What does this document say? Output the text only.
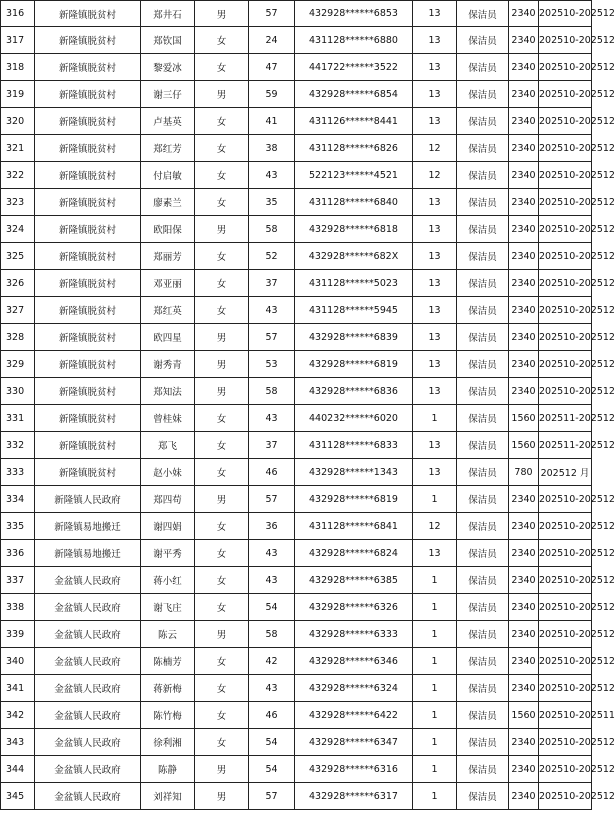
316	新隆镇脱贫村	郑井石	男	57	432928******6853	13	保洁员	2340	202510-202512
317	新隆镇脱贫村	郑钦国	女	24	431128******6880	13	保洁员	2340	202510-202512
318	新隆镇脱贫村	黎爱冰	女	47	441722******3522	13	保洁员	2340	202510-202512
319	新隆镇脱贫村	谢三仔	男	59	432928******6854	13	保洁员	2340	202510-202512
320	新隆镇脱贫村	卢基英	女	41	431126******8441	13	保洁员	2340	202510-202512
321	新隆镇脱贫村	郑红芳	女	38	431128******6826	12	保洁员	2340	202510-202512
322	新隆镇脱贫村	付启敏	女	43	522123******4521	12	保洁员	2340	202510-202512
323	新隆镇脱贫村	廖素兰	女	35	431128******6840	13	保洁员	2340	202510-202512
324	新隆镇脱贫村	欧阳保	男	58	432928******6818	13	保洁员	2340	202510-202512
325	新隆镇脱贫村	郑丽芳	女	52	432928******682X	13	保洁员	2340	202510-202512
326	新隆镇脱贫村	邓亚丽	女	37	431128******5023	13	保洁员	2340	202510-202512
327	新隆镇脱贫村	郑红英	女	43	431128******5945	13	保洁员	2340	202510-202512
328	新隆镇脱贫村	欧四星	男	57	432928******6839	13	保洁员	2340	202510-202512
329	新隆镇脱贫村	谢秀青	男	53	432928******6819	13	保洁员	2340	202510-202512
330	新隆镇脱贫村	郑知法	男	58	432928******6836	13	保洁员	2340	202510-202512
331	新隆镇脱贫村	曾桂妹	女	43	440232******6020	1	保洁员	1560	202511-202512
332	新隆镇脱贫村	郑飞	女	37	431128******6833	13	保洁员	1560	202511-202512
333	新隆镇脱贫村	赵小妹	女	46	432928******1343	13	保洁员	780	202512 月
334	新隆镇人民政府	郑四苟	男	57	432928******6819	1	保洁员	2340	202510-202512
335	新隆镇易地搬迁	谢四娟	女	36	431128******6841	12	保洁员	2340	202510-202512
336	新隆镇易地搬迁	谢平秀	女	43	432928******6824	13	保洁员	2340	202510-202512
337	金盆镇人民政府	蒋小红	女	43	432928******6385	1	保洁员	2340	202510-202512
338	金盆镇人民政府	谢飞庄	女	54	432928******6326	1	保洁员	2340	202510-202512
339	金盆镇人民政府	陈云	男	58	432928******6333	1	保洁员	2340	202510-202512
340	金盆镇人民政府	陈楠芳	女	42	432928******6346	1	保洁员	2340	202510-202512
341	金盆镇人民政府	蒋新梅	女	43	432928******6324	1	保洁员	2340	202510-202512
342	金盆镇人民政府	陈竹梅	女	46	432928******6422	1	保洁员	1560	202510-202511
343	金盆镇人民政府	徐利湘	女	54	432928******6347	1	保洁员	2340	202510-202512
344	金盆镇人民政府	陈静	男	54	432928******6316	1	保洁员	2340	202510-202512
345	金盆镇人民政府	刘祥知	男	57	432928******6317	1	保洁员	2340	202510-202512
